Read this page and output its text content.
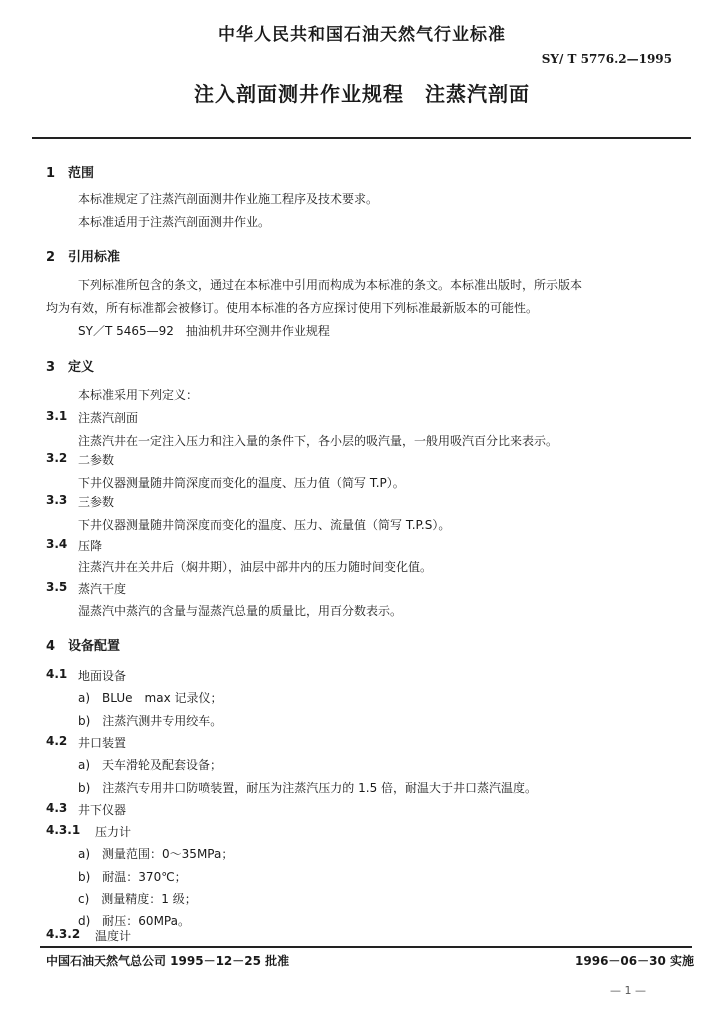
中华人民共和国石油天然气行业标准
SY/ T 5776.2—1995
注入剖面测井作业规程　注蒸汽剖面
1　范围
本标准规定了注蒸汽剖面测井作业施工程序及技术要求。
本标准适用于注蒸汽剖面测井作业。
2　引用标准
下列标准所包含的条文，通过在本标准中引用而构成为本标准的条文。本标准出版时，所示版本
均为有效，所有标准都会被修订。使用本标准的各方应探讨使用下列标准最新版本的可能性。
SY／T 5465—92　抽油机井环空测井作业规程
3　定义
本标准采用下列定义：
3.1 注蒸汽剖面
注蒸汽井在一定注入压力和注入量的条件下，各小层的吸汽量，一般用吸汽百分比来表示。
3.2 二参数
下井仪器测量随井筒深度而变化的温度、压力值（简写 T.P）。
3.3 三参数
下井仪器测量随井筒深度而变化的温度、压力、流量值（简写 T.P.S）。
3.4 压降
注蒸汽井在关井后（焖井期），油层中部井内的压力随时间变化值。
3.5 蒸汽干度
湿蒸汽中蒸汽的含量与湿蒸汽总量的质量比，用百分数表示。
4　设备配置
4.1 地面设备
a)　BLUe　max 记录仪；
b)　注蒸汽测井专用绞车。
4.2 井口装置
a)　天车滑轮及配套设备；
b)　注蒸汽专用井口防喷装置，耐压为注蒸汽压力的 1.5 倍，耐温大于井口蒸汽温度。
4.3 井下仪器
4.3.1 压力计
a)　测量范围：0～35MPa；
b)　耐温：370℃；
c)　测量精度：1 级；
d)　耐压：60MPa。
4.3.2 温度计
中国石油天然气总公司 1995－12－25 批准	1996－06－30 实施
— 1 —
